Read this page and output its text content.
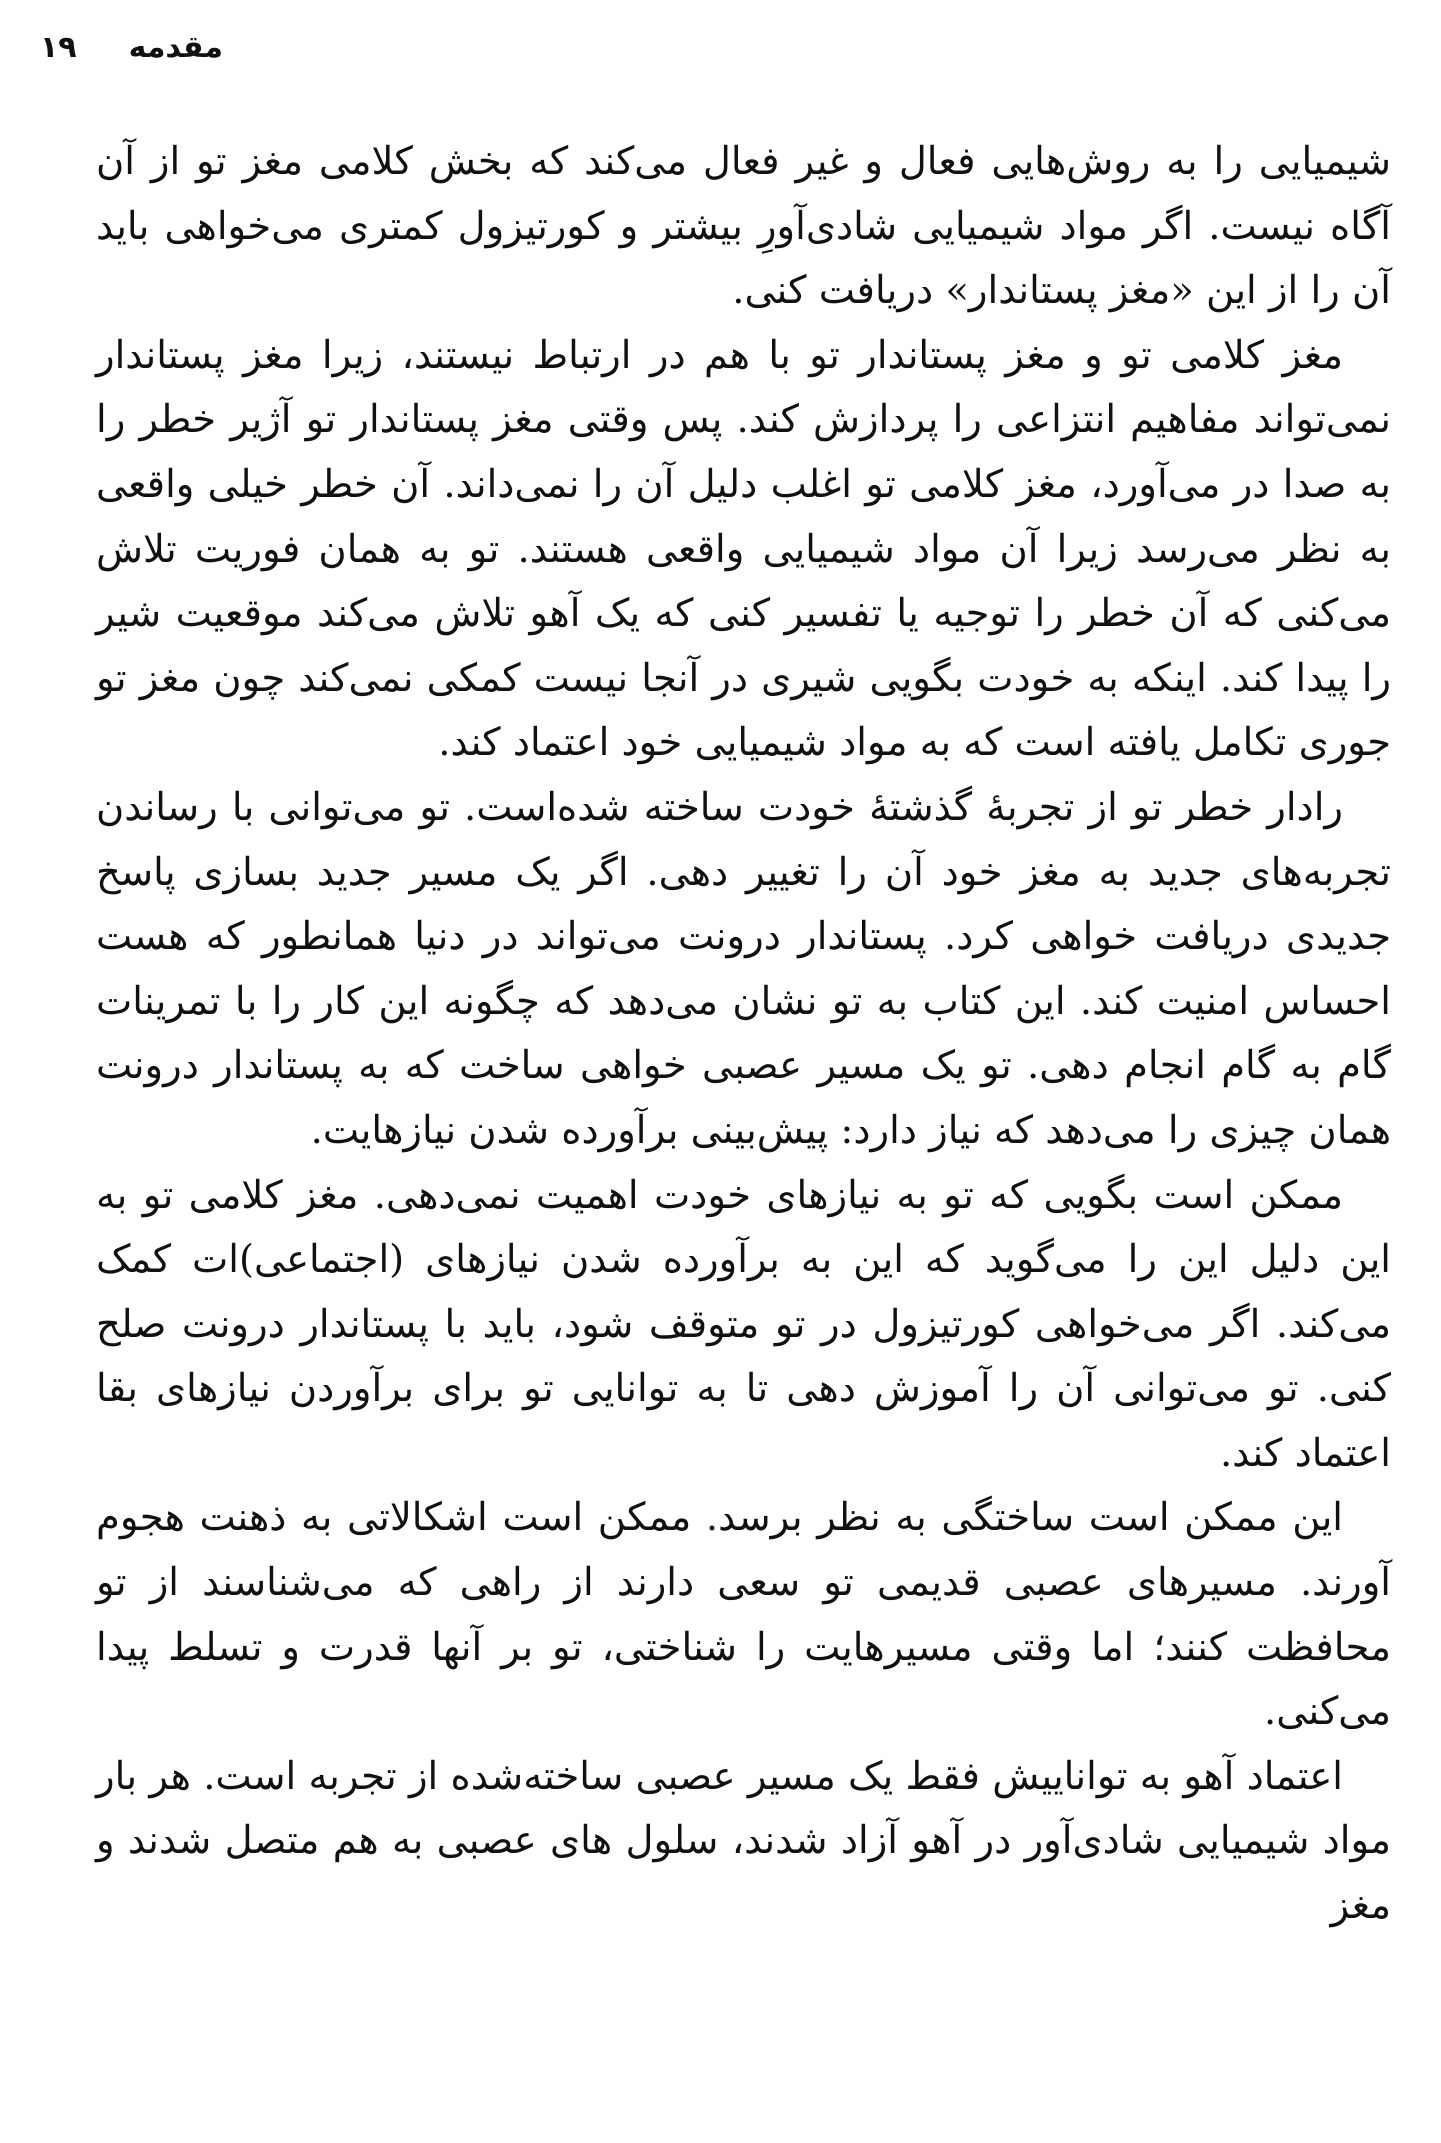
۱۹ مقدمه

شیمیایی را به روش‌هایی فعال و غیر فعال می‌کند که بخش کلامی مغز تو از آن آگاه نیست. اگر مواد شیمیایی شادی‌آورِ بیشتر و کورتیزول کمتری می‌خواهی باید آن را از این «مغز پستاندار» دریافت کنی.

مغز کلامی تو و مغز پستاندار تو با هم در ارتباط نیستند، زیرا مغز پستاندار نمی‌تواند مفاهیم انتزاعی را پردازش کند. پس وقتی مغز پستاندار تو آژیر خطر را به صدا در می‌آورد، مغز کلامی تو اغلب دلیل آن را نمی‌داند. آن خطر خیلی واقعی به نظر می‌رسد زیرا آن مواد شیمیایی واقعی هستند. تو به همان فوریت تلاش می‌کنی که آن خطر را توجیه یا تفسیر کنی که یک آهو تلاش می‌کند موقعیت شیر را پیدا کند. اینکه به خودت بگویی شیری در آنجا نیست کمکی نمی‌کند چون مغز تو جوری تکامل یافته است که به مواد شیمیایی خود اعتماد کند.

رادار خطر تو از تجربهٔ گذشتهٔ خودت ساخته شده‌است. تو می‌توانی با رساندن تجربه‌های جدید به مغز خود آن را تغییر دهی. اگر یک مسیر جدید بسازی پاسخ جدیدی دریافت خواهی کرد. پستاندار درونت می‌تواند در دنیا همانطور که هست احساس امنیت کند. این کتاب به تو نشان می‌دهد که چگونه این کار را با تمرینات گام به گام انجام دهی. تو یک مسیر عصبی خواهی ساخت که به پستاندار درونت همان چیزی را می‌دهد که نیاز دارد: پیش‌بینی برآورده شدن نیازهایت.

ممکن است بگویی که تو به نیازهای خودت اهمیت نمی‌دهی. مغز کلامی تو به این دلیل این را می‌گوید که این به برآورده شدن نیازهای (اجتماعی)ات کمک می‌کند. اگر می‌خواهی کورتیزول در تو متوقف شود، باید با پستاندار درونت صلح کنی. تو می‌توانی آن را آموزش دهی تا به توانایی تو برای برآوردن نیازهای بقا اعتماد کند.

این ممکن است ساختگی به نظر برسد. ممکن است اشکالاتی به ذهنت هجوم آورند. مسیرهای عصبی قدیمی تو سعی دارند از راهی که می‌شناسند از تو محافظت کنند؛ اما وقتی مسیرهایت را شناختی، تو بر آنها قدرت و تسلط پیدا می‌کنی.

اعتماد آهو به تواناییش فقط یک مسیر عصبی ساخته‌شده از تجربه است. هر بار مواد شیمیایی شادی‌آور در آهو آزاد شدند، سلول های عصبی به هم متصل شدند و مغز
